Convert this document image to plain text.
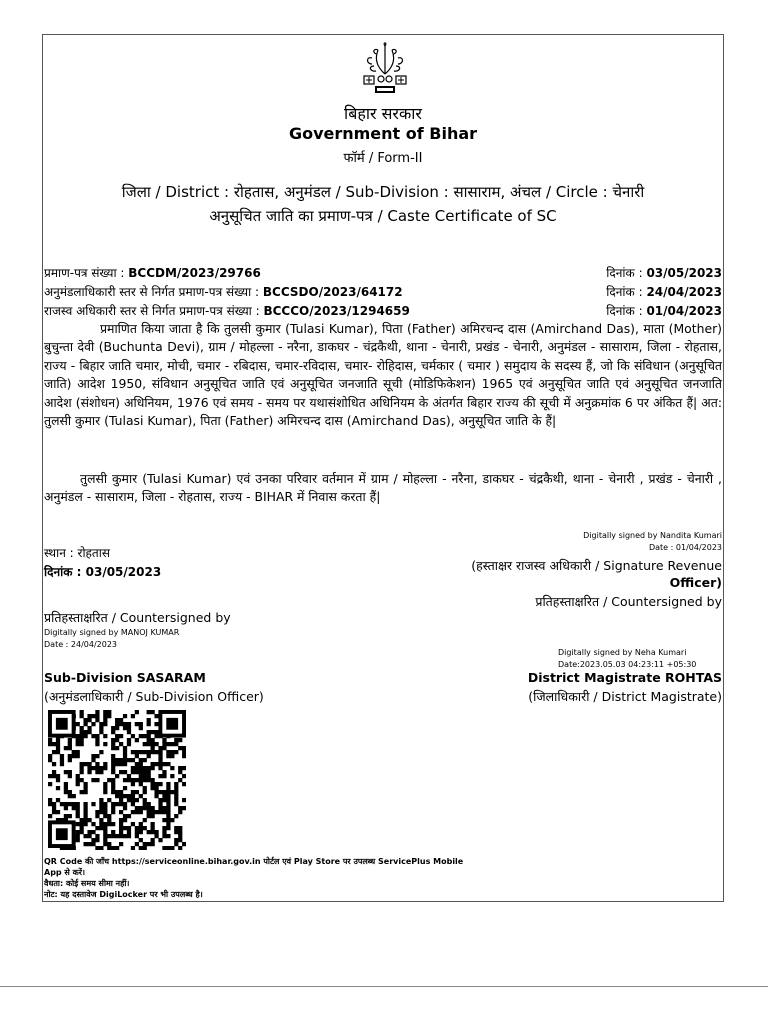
बिहार सरकार
Government of Bihar
फॉर्म / Form-II
जिला / District : रोहतास, अनुमंडल / Sub-Division : सासाराम, अंचल / Circle : चेनारी
अनुसूचित जाति का प्रमाण-पत्र / Caste Certificate of SC
प्रमाण-पत्र संख्या : BCCDM/2023/29766	दिनांक : 03/05/2023
अनुमंडलाधिकारी स्तर से निर्गत प्रमाण-पत्र संख्या : BCCSDO/2023/64172	दिनांक : 24/04/2023
राजस्व अधिकारी स्तर से निर्गत प्रमाण-पत्र संख्या : BCCCO/2023/1294659	दिनांक : 01/04/2023
प्रमाणित किया जाता है कि तुलसी कुमार (Tulasi Kumar), पिता (Father) अमिरचन्द दास (Amirchand Das), माता (Mother) बुचुन्ता देवी (Buchunta Devi), ग्राम / मोहल्ला - नरैना, डाकघर - चंद्रकैथी, थाना - चेनारी, प्रखंड - चेनारी, अनुमंडल - सासाराम, जिला - रोहतास, राज्य - बिहार जाति चमार, मोची, चमार - रबिदास, चमार-रविदास, चमार- रोहिदास, चर्मकार ( चमार ) समुदाय के सदस्य हैं, जो कि संविधान (अनुसूचित जाति) आदेश 1950, संविधान अनुसूचित जाति एवं अनुसूचित जनजाति सूची (मोडिफिकेशन) 1965 एवं अनुसूचित जाति एवं अनुसूचित जनजाति आदेश (संशोधन) अधिनियम, 1976 एवं समय - समय पर यथासंशोधित अधिनियम के अंतर्गत बिहार राज्य की सूची में अनुक्रमांक 6 पर अंकित हैं| अत: तुलसी कुमार (Tulasi Kumar), पिता (Father) अमिरचन्द दास (Amirchand Das), अनुसूचित जाति के हैं|
तुलसी कुमार (Tulasi Kumar) एवं उनका परिवार वर्तमान में ग्राम / मोहल्ला - नरैना, डाकघर - चंद्रकैथी, थाना - चेनारी , प्रखंड - चेनारी , अनुमंडल - सासाराम, जिला - रोहतास, राज्य - BIHAR में निवास करता हैं|
Digitally signed by Nandita Kumari
Date : 01/04/2023
स्थान : रोहतास
दिनांक : 03/05/2023	(हस्ताक्षर राजस्व अधिकारी / Signature Revenue
Officer)
प्रतिहस्ताक्षरित / Countersigned by
प्रतिहस्ताक्षरित / Countersigned by
Digitally signed by MANOJ KUMAR
Date : 24/04/2023
Digitally signed by Neha Kumari
Date:2023.05.03 04:23:11 +05:30
Sub-Division SASARAM
(अनुमंडलाधिकारी / Sub-Division Officer)
District Magistrate ROHTAS
(जिलाधिकारी / District Magistrate)
QR Code की जाँच https://serviceonline.bihar.gov.in पोर्टल एवं Play Store पर उपलब्ध ServicePlus Mobile
App से करें।
वैधता: कोई समय सीमा नहीं।
नोट: यह दस्तावेज DigiLocker पर भी उपलब्ध है।
